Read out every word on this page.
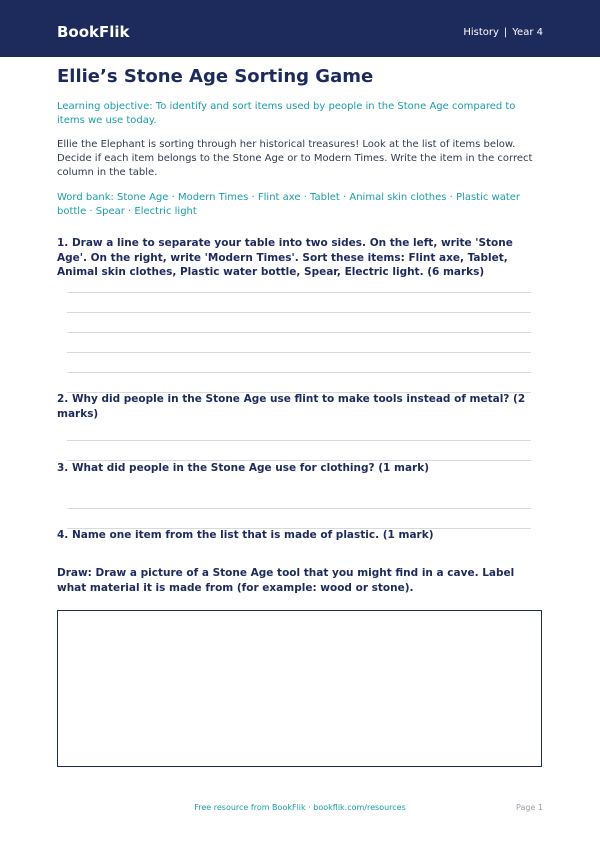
BookFlik	History | Year 4
Ellie’s Stone Age Sorting Game
Learning objective: To identify and sort items used by people in the Stone Age compared to items we use today.
Ellie the Elephant is sorting through her historical treasures! Look at the list of items below. Decide if each item belongs to the Stone Age or to Modern Times. Write the item in the correct column in the table.
Word bank: Stone Age · Modern Times · Flint axe · Tablet · Animal skin clothes · Plastic water bottle · Spear · Electric light
1. Draw a line to separate your table into two sides. On the left, write 'Stone Age'. On the right, write 'Modern Times'. Sort these items: Flint axe, Tablet, Animal skin clothes, Plastic water bottle, Spear, Electric light. (6 marks)
2. Why did people in the Stone Age use flint to make tools instead of metal? (2 marks)
3. What did people in the Stone Age use for clothing? (1 mark)
4. Name one item from the list that is made of plastic. (1 mark)
Draw: Draw a picture of a Stone Age tool that you might find in a cave. Label what material it is made from (for example: wood or stone).
Free resource from BookFlik · bookflik.com/resources	Page 1
